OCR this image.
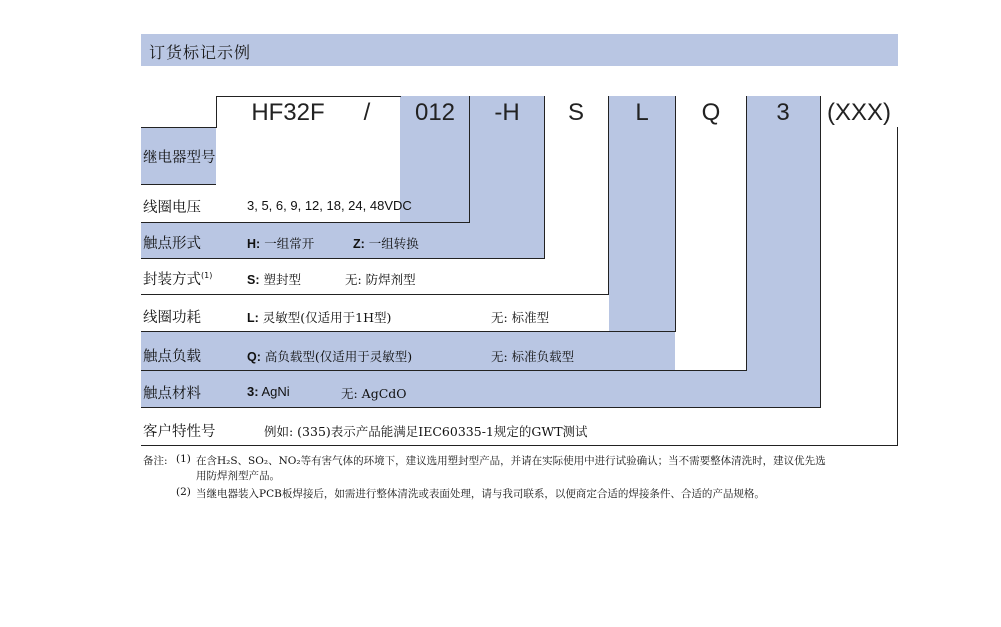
订货标记示例
HF32F	/	012	-H	S	L	Q	3	(XXX)
继电器型号
线圈电压	3, 5, 6, 9, 12, 18, 24, 48VDC
触点形式	H: 一组常开	Z: 一组转换
封装方式$^{(1)}$	S: 塑封型	无: 防焊剂型
线圈功耗	L: 灵敏型(仅适用于1H型)	无: 标准型
触点负载	Q: 高负载型(仅适用于灵敏型)	无: 标准负载型
触点材料	3: AgNi	无: AgCdO
客户特性号	例如: (335)表示产品能满足IEC60335-1规定的GWT测试
备注: (1) 在含H₂S、SO₂、NO₂等有害气体的环境下，建议选用塑封型产品，并请在实际使用中进行试验确认；当不需要整体清洗时，建议优先选
用防焊剂型产品。
(2) 当继电器装入PCB板焊接后，如需进行整体清洗或表面处理，请与我司联系，以便商定合适的焊接条件、合适的产品规格。
